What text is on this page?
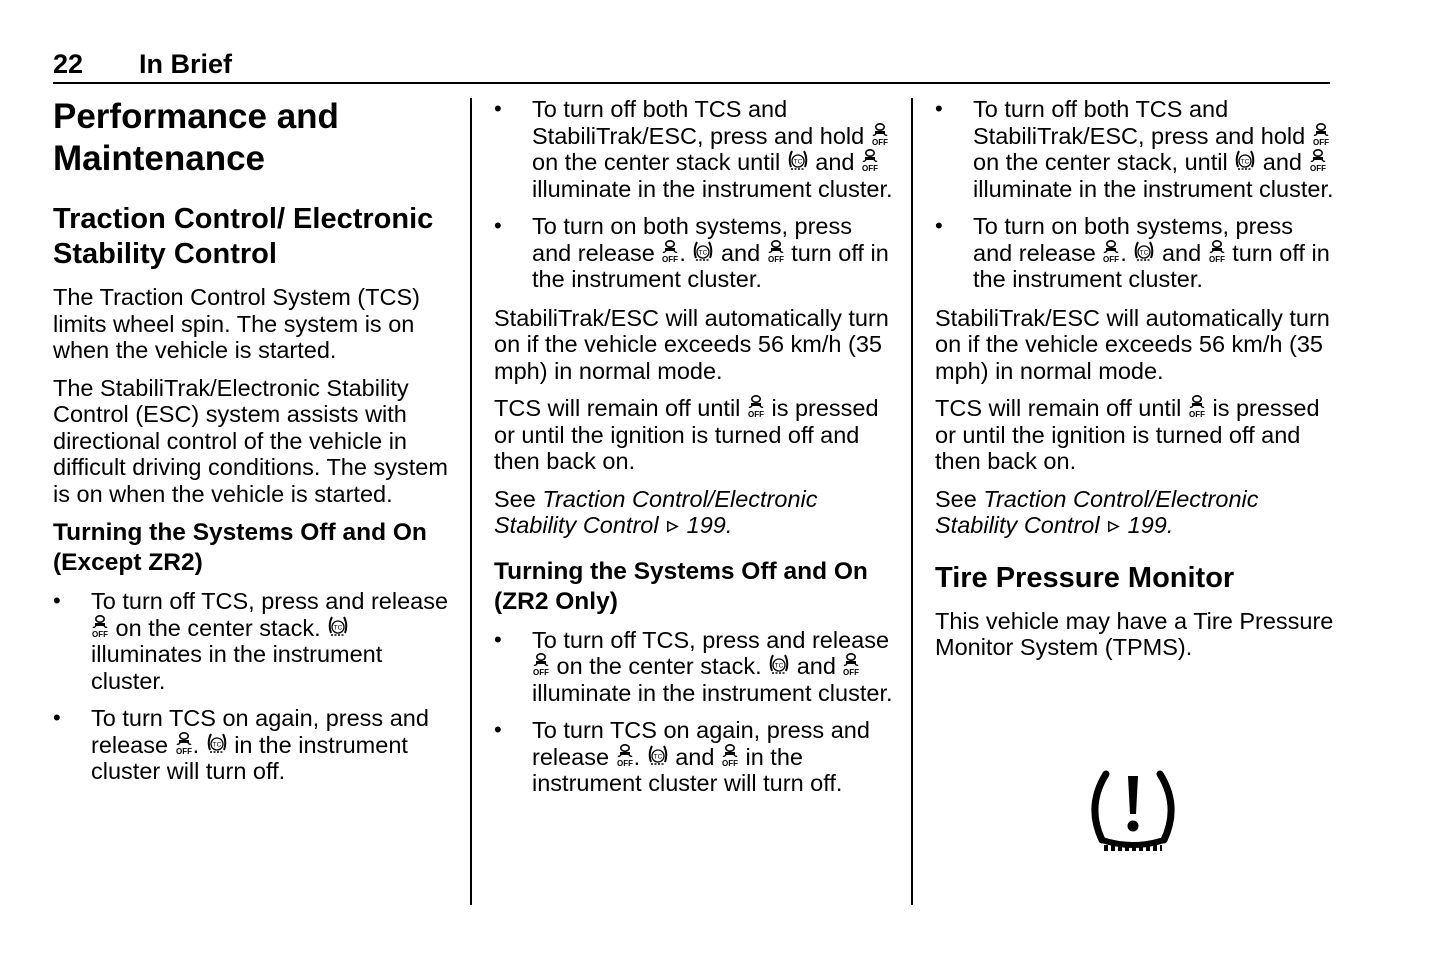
22 In Brief
Performance and Maintenance
Traction Control/ Electronic Stability Control

The Traction Control System (TCS) limits wheel spin. The system is on when the vehicle is started.

The StabiliTrak/Electronic Stability Control (ESC) system assists with directional control of the vehicle in difficult driving conditions. The system is on when the vehicle is started.

Turning the Systems Off and On (Except ZR2)
• To turn off TCS, press and release  on the center stack.  illuminates in the instrument cluster.
• To turn TCS on again, press and release . in the instrument cluster will turn off.
• To turn off both TCS and StabiliTrak/ESC, press and hold  on the center stack until and  illuminate in the instrument cluster.
• To turn on both systems, press and release . and turn off in the instrument cluster.

StabiliTrak/ESC will automatically turn on if the vehicle exceeds 56 km/h (35 mph) in normal mode.

TCS will remain off until is pressed or until the ignition is turned off and then back on.

See Traction Control/Electronic Stability Control 199.

Turning the Systems Off and On (ZR2 Only)
• To turn off TCS, press and release  on the center stack. and  illuminate in the instrument cluster.
• To turn TCS on again, press and release . and in the instrument cluster will turn off.
• To turn off both TCS and StabiliTrak/ESC, press and hold  on the center stack, until and  illuminate in the instrument cluster.
• To turn on both systems, press and release . and turn off in the instrument cluster.

StabiliTrak/ESC will automatically turn on if the vehicle exceeds 56 km/h (35 mph) in normal mode.

TCS will remain off until is pressed or until the ignition is turned off and then back on.

See Traction Control/Electronic Stability Control 199.

Tire Pressure Monitor

This vehicle may have a Tire Pressure Monitor System (TPMS).
